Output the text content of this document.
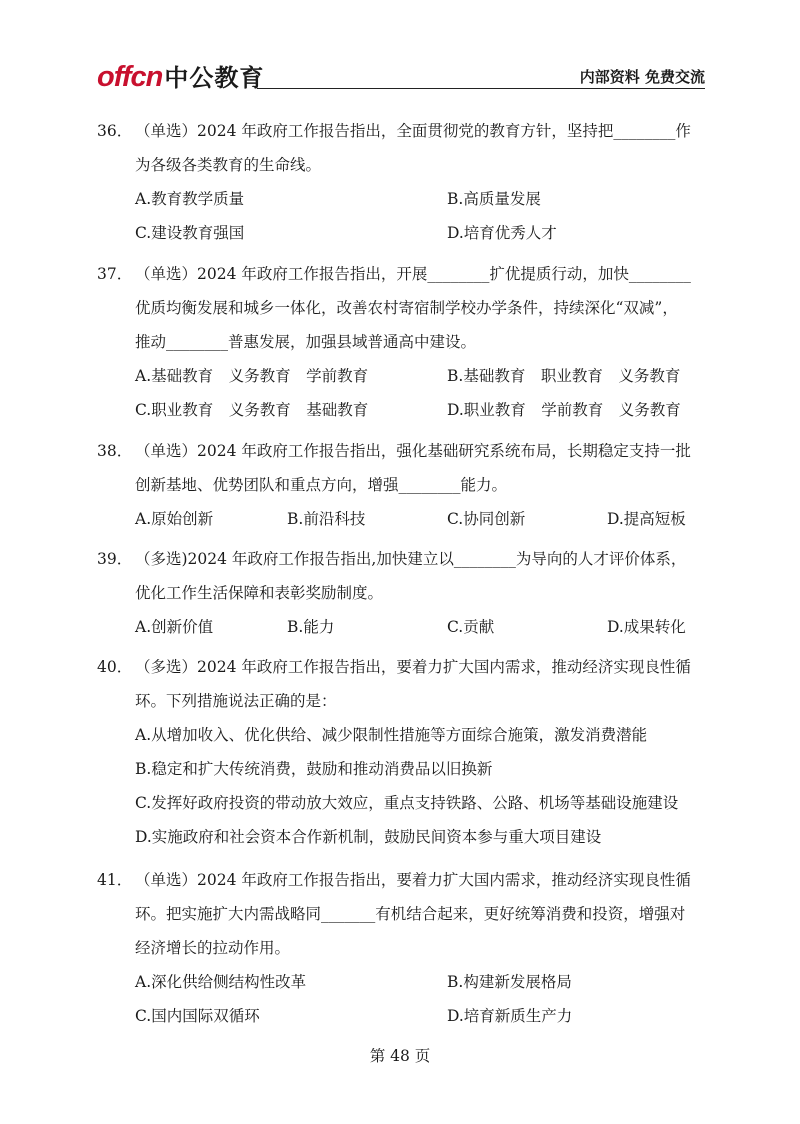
offcn 中公教育	内部资料 免费交流
36． （单选）2024 年政府工作报告指出，全面贯彻党的教育方针，坚持把________作
为各级各类教育的生命线。
A.教育教学质量	B.高质量发展
C.建设教育强国	D.培育优秀人才
37． （单选）2024 年政府工作报告指出，开展________扩优提质行动，加快________
优质均衡发展和城乡一体化，改善农村寄宿制学校办学条件，持续深化“双减”，
推动________普惠发展，加强县域普通高中建设。
A.基础教育　义务教育　学前教育	B.基础教育　职业教育　义务教育
C.职业教育　义务教育　基础教育	D.职业教育　学前教育　义务教育
38． （单选）2024 年政府工作报告指出，强化基础研究系统布局，长期稳定支持一批
创新基地、优势团队和重点方向，增强________能力。
A.原始创新	B.前沿科技	C.协同创新	D.提高短板
39． （多选)2024 年政府工作报告指出,加快建立以________为导向的人才评价体系，
优化工作生活保障和表彰奖励制度。
A.创新价值	B.能力	C.贡献	D.成果转化
40． （多选）2024 年政府工作报告指出，要着力扩大国内需求，推动经济实现良性循
环。下列措施说法正确的是：
A.从增加收入、优化供给、减少限制性措施等方面综合施策，激发消费潜能
B.稳定和扩大传统消费，鼓励和推动消费品以旧换新
C.发挥好政府投资的带动放大效应，重点支持铁路、公路、机场等基础设施建设
D.实施政府和社会资本合作新机制，鼓励民间资本参与重大项目建设
41． （单选）2024 年政府工作报告指出，要着力扩大国内需求，推动经济实现良性循
环。把实施扩大内需战略同_______有机结合起来，更好统筹消费和投资，增强对
经济增长的拉动作用。
A.深化供给侧结构性改革	B.构建新发展格局
C.国内国际双循环	D.培育新质生产力
第 48 页
